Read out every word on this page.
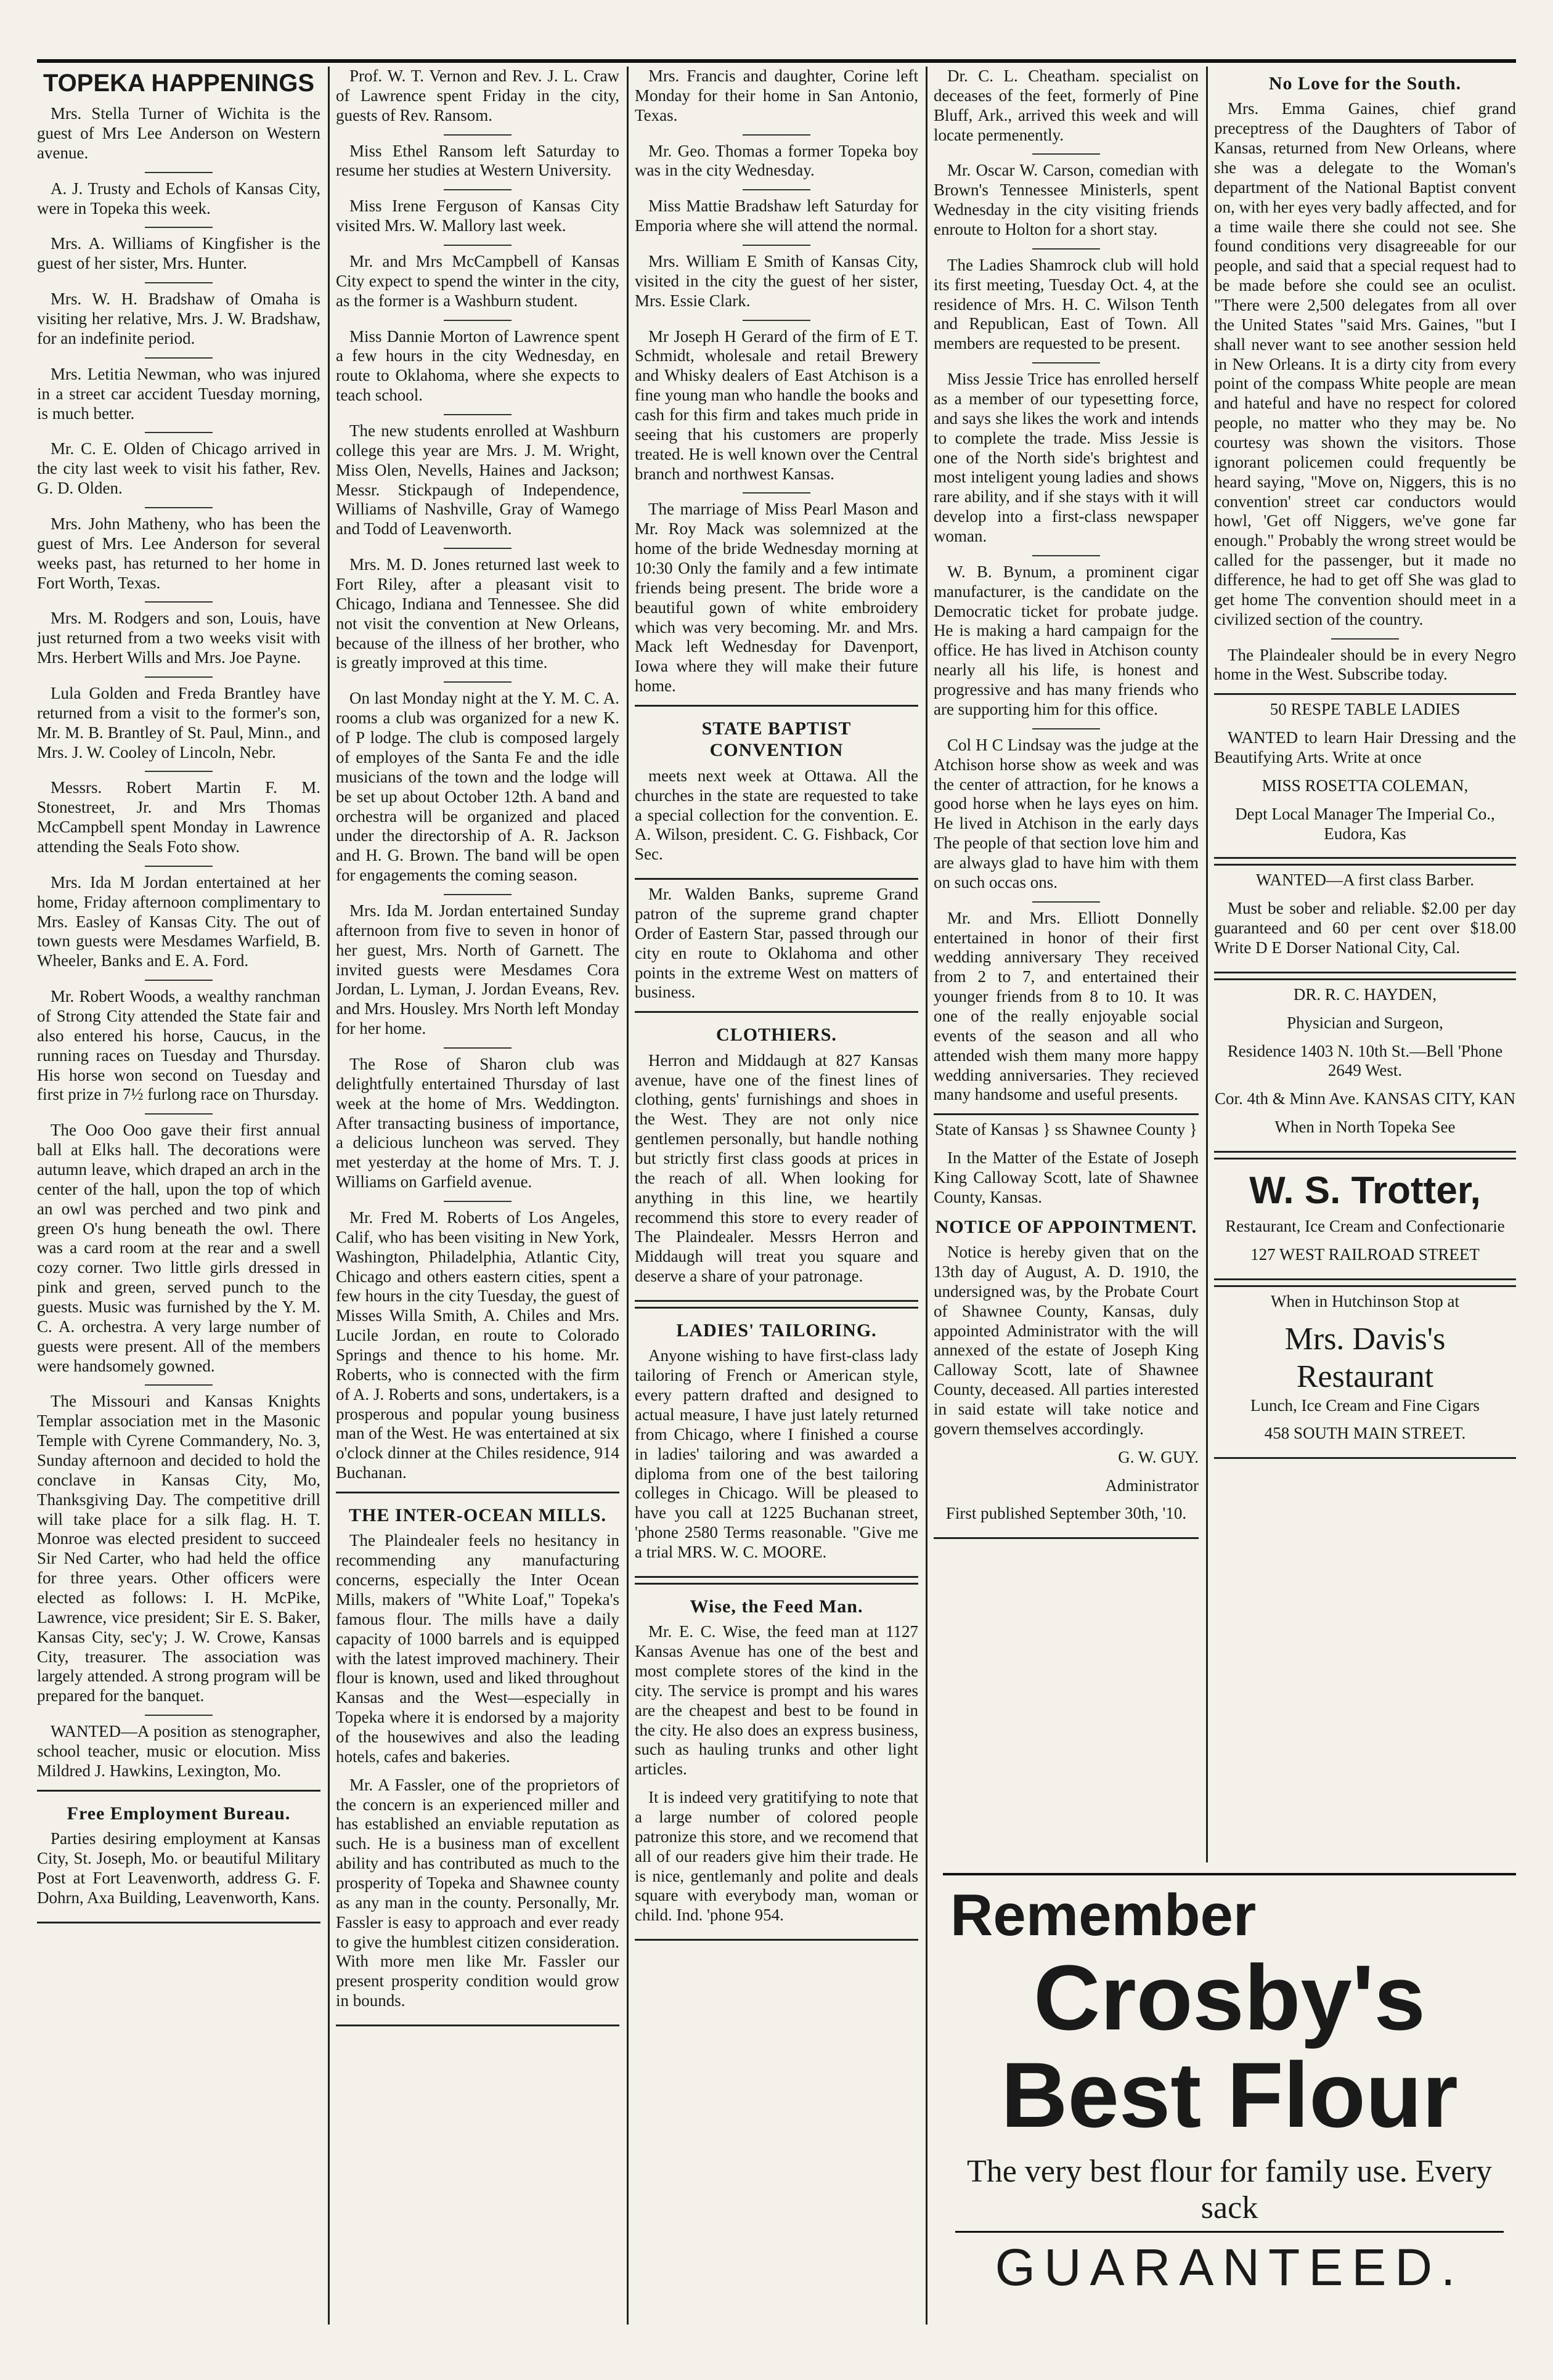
TOPEKA HAPPENINGS

Mrs. Stella Turner of Wichita is the guest of Mrs Lee Anderson on Western avenue.

A. J. Trusty and Echols of Kansas City, were in Topeka this week.

Mrs. A. Williams of Kingfisher is the guest of her sister, Mrs. Hunter.

Mrs. W. H. Bradshaw of Omaha is visiting her relative, Mrs. J. W. Bradshaw, for an indefinite period.

Mrs. Letitia Newman, who was injured in a street car accident Tuesday morning, is much better.

Mr. C. E. Olden of Chicago arrived in the city last week to visit his father, Rev. G. D. Olden.

Mrs. John Matheny, who has been the guest of Mrs. Lee Anderson for several weeks past, has returned to her home in Fort Worth, Texas.

Mrs. M. Rodgers and son, Louis, have just returned from a two weeks visit with Mrs. Herbert Wills and Mrs. Joe Payne.

Lula Golden and Freda Brantley have returned from a visit to the former's son, Mr. M. B. Brantley of St. Paul, Minn., and Mrs. J. W. Cooley of Lincoln, Nebr.

Messrs. Robert Martin F. M. Stonestreet, Jr. and Mrs Thomas McCampbell spent Monday in Lawrence attending the Seals Foto show.

Mrs. Ida M Jordan entertained at her home, Friday afternoon complimentary to Mrs. Easley of Kansas City. The out of town guests were Mesdames Warfield, B. Wheeler, Banks and E. A. Ford.

Mr. Robert Woods, a wealthy ranchman of Strong City attended the State fair and also entered his horse, Caucus, in the running races on Tuesday and Thursday. His horse won second on Tuesday and first prize in 7½ furlong race on Thursday.

The Ooo Ooo gave their first annual ball at Elks hall. The decorations were autumn leave, which draped an arch in the center of the hall, upon the top of which an owl was perched and two pink and green O's hung beneath the owl. There was a card room at the rear and a swell cozy corner. Two little girls dressed in pink and green, served punch to the guests. Music was furnished by the Y. M. C. A. orchestra. A very large number of guests were present. All of the members were handsomely gowned.

The Missouri and Kansas Knights Templar association met in the Masonic Temple with Cyrene Commandery, No. 3, Sunday afternoon and decided to hold the conclave in Kansas City, Mo, Thanksgiving Day. The competitive drill will take place for a silk flag. H. T. Monroe was elected president to succeed Sir Ned Carter, who had held the office for three years. Other officers were elected as follows: I. H. McPike, Lawrence, vice president; Sir E. S. Baker, Kansas City, sec'y; J. W. Crowe, Kansas City, treasurer. The association was largely attended. A strong program will be prepared for the banquet.

WANTED—A position as stenographer, school teacher, music or elocution. Miss Mildred J. Hawkins, Lexington, Mo.

Free Employment Bureau.

Parties desiring employment at Kansas City, St. Joseph, Mo. or beautiful Military Post at Fort Leavenworth, address G. F. Dohrn, Axa Building, Leavenworth, Kans.

Prof. W. T. Vernon and Rev. J. L. Craw of Lawrence spent Friday in the city, guests of Rev. Ransom.

Miss Ethel Ransom left Saturday to resume her studies at Western University.

Miss Irene Ferguson of Kansas City visited Mrs. W. Mallory last week.

Mr. and Mrs McCampbell of Kansas City expect to spend the winter in the city, as the former is a Washburn student.

Miss Dannie Morton of Lawrence spent a few hours in the city Wednesday, en route to Oklahoma, where she expects to teach school.

The new students enrolled at Washburn college this year are Mrs. J. M. Wright, Miss Olen, Nevells, Haines and Jackson; Messr. Stickpaugh of Independence, Williams of Nashville, Gray of Wamego and Todd of Leavenworth.

Mrs. M. D. Jones returned last week to Fort Riley, after a pleasant visit to Chicago, Indiana and Tennessee. She did not visit the convention at New Orleans, because of the illness of her brother, who is greatly improved at this time.

On last Monday night at the Y. M. C. A. rooms a club was organized for a new K. of P lodge. The club is composed largely of employes of the Santa Fe and the idle musicians of the town and the lodge will be set up about October 12th. A band and orchestra will be organized and placed under the directorship of A. R. Jackson and H. G. Brown. The band will be open for engagements the coming season.

Mrs. Ida M. Jordan entertained Sunday afternoon from five to seven in honor of her guest, Mrs. North of Garnett. The invited guests were Mesdames Cora Jordan, L. Lyman, J. Jordan Eveans, Rev. and Mrs. Housley. Mrs North left Monday for her home.

The Rose of Sharon club was delightfully entertained Thursday of last week at the home of Mrs. Weddington. After transacting business of importance, a delicious luncheon was served. They met yesterday at the home of Mrs. T. J. Williams on Garfield avenue.

Mr. Fred M. Roberts of Los Angeles, Calif, who has been visiting in New York, Washington, Philadelphia, Atlantic City, Chicago and others eastern cities, spent a few hours in the city Tuesday, the guest of Misses Willa Smith, A. Chiles and Mrs. Lucile Jordan, en route to Colorado Springs and thence to his home. Mr. Roberts, who is connected with the firm of A. J. Roberts and sons, undertakers, is a prosperous and popular young business man of the West. He was entertained at six o'clock dinner at the Chiles residence, 914 Buchanan.

THE INTER-OCEAN MILLS.

The Plaindealer feels no hesitancy in recommending any manufacturing concerns, especially the Inter Ocean Mills, makers of "White Loaf," Topeka's famous flour. The mills have a daily capacity of 1000 barrels and is equipped with the latest improved machinery. Their flour is known, used and liked throughout Kansas and the West—especially in Topeka where it is endorsed by a majority of the housewives and also the leading hotels, cafes and bakeries.

Mr. A Fassler, one of the proprietors of the concern is an experienced miller and has established an enviable reputation as such. He is a business man of excellent ability and has contributed as much to the prosperity of Topeka and Shawnee county as any man in the county. Personally, Mr. Fassler is easy to approach and ever ready to give the humblest citizen consideration. With more men like Mr. Fassler our present prosperity condition would grow in bounds.

Mrs. Francis and daughter, Corine left Monday for their home in San Antonio, Texas.

Mr. Geo. Thomas a former Topeka boy was in the city Wednesday.

Miss Mattie Bradshaw left Saturday for Emporia where she will attend the normal.

Mrs. William E Smith of Kansas City, visited in the city the guest of her sister, Mrs. Essie Clark.

Mr Joseph H Gerard of the firm of E T. Schmidt, wholesale and retail Brewery and Whisky dealers of East Atchison is a fine young man who handle the books and cash for this firm and takes much pride in seeing that his customers are properly treated. He is well known over the Central branch and northwest Kansas.

The marriage of Miss Pearl Mason and Mr. Roy Mack was solemnized at the home of the bride Wednesday morning at 10:30 Only the family and a few intimate friends being present. The bride wore a beautiful gown of white embroidery which was very becoming. Mr. and Mrs. Mack left Wednesday for Davenport, Iowa where they will make their future home.

STATE BAPTIST CONVENTION

meets next week at Ottawa. All the churches in the state are requested to take a special collection for the convention. E. A. Wilson, president. C. G. Fishback, Cor Sec.

Mr. Walden Banks, supreme Grand patron of the supreme grand chapter Order of Eastern Star, passed through our city en route to Oklahoma and other points in the extreme West on matters of business.

CLOTHIERS.

Herron and Middaugh at 827 Kansas avenue, have one of the finest lines of clothing, gents' furnishings and shoes in the West. They are not only nice gentlemen personally, but handle nothing but strictly first class goods at prices in the reach of all. When looking for anything in this line, we heartily recommend this store to every reader of The Plaindealer. Messrs Herron and Middaugh will treat you square and deserve a share of your patronage.

LADIES' TAILORING.

Anyone wishing to have first-class lady tailoring of French or American style, every pattern drafted and designed to actual measure, I have just lately returned from Chicago, where I finished a course in ladies' tailoring and was awarded a diploma from one of the best tailoring colleges in Chicago. Will be pleased to have you call at 1225 Buchanan street, 'phone 2580 Terms reasonable. "Give me a trial MRS. W. C. MOORE.

Wise, the Feed Man.

Mr. E. C. Wise, the feed man at 1127 Kansas Avenue has one of the best and most complete stores of the kind in the city. The service is prompt and his wares are the cheapest and best to be found in the city. He also does an express business, such as hauling trunks and other light articles.

It is indeed very gratitifying to note that a large number of colored people patronize this store, and we recomend that all of our readers give him their trade. He is nice, gentlemanly and polite and deals square with everybody man, woman or child. Ind. 'phone 954.

Dr. C. L. Cheatham. specialist on deceases of the feet, formerly of Pine Bluff, Ark., arrived this week and will locate permenently.

Mr. Oscar W. Carson, comedian with Brown's Tennessee Ministerls, spent Wednesday in the city visiting friends enroute to Holton for a short stay.

The Ladies Shamrock club will hold its first meeting, Tuesday Oct. 4, at the residence of Mrs. H. C. Wilson Tenth and Republican, East of Town. All members are requested to be present.

Miss Jessie Trice has enrolled herself as a member of our typesetting force, and says she likes the work and intends to complete the trade. Miss Jessie is one of the North side's brightest and most inteligent young ladies and shows rare ability, and if she stays with it will develop into a first-class newspaper woman.

W. B. Bynum, a prominent cigar manufacturer, is the candidate on the Democratic ticket for probate judge. He is making a hard campaign for the office. He has lived in Atchison county nearly all his life, is honest and progressive and has many friends who are supporting him for this office.

Col H C Lindsay was the judge at the Atchison horse show as week and was the center of attraction, for he knows a good horse when he lays eyes on him. He lived in Atchison in the early days The people of that section love him and are always glad to have him with them on such occas ons.

Mr. and Mrs. Elliott Donnelly entertained in honor of their first wedding anniversary They received from 2 to 7, and entertained their younger friends from 8 to 10. It was one of the really enjoyable social events of the season and all who attended wish them many more happy wedding anniversaries. They recieved many handsome and useful presents.

State of Kansas } ss Shawnee County }

In the Matter of the Estate of Joseph King Calloway Scott, late of Shawnee County, Kansas.

NOTICE OF APPOINTMENT.

Notice is hereby given that on the 13th day of August, A. D. 1910, the undersigned was, by the Probate Court of Shawnee County, Kansas, duly appointed Administrator with the will annexed of the estate of Joseph King Calloway Scott, late of Shawnee County, deceased. All parties interested in said estate will take notice and govern themselves accordingly.

G. W. GUY.

Administrator

First published September 30th, '10.

No Love for the South.

Mrs. Emma Gaines, chief grand preceptress of the Daughters of Tabor of Kansas, returned from New Orleans, where she was a delegate to the Woman's department of the National Baptist convent on, with her eyes very badly affected, and for a time waile there she could not see. She found conditions very disagreeable for our people, and said that a special request had to be made before she could see an oculist. "There were 2,500 delegates from all over the United States "said Mrs. Gaines, "but I shall never want to see another session held in New Orleans. It is a dirty city from every point of the compass White people are mean and hateful and have no respect for colored people, no matter who they may be. No courtesy was shown the visitors. Those ignorant policemen could frequently be heard saying, "Move on, Niggers, this is no convention' street car conductors would howl, 'Get off Niggers, we've gone far enough." Probably the wrong street would be called for the passenger, but it made no difference, he had to get off She was glad to get home The convention should meet in a civilized section of the country.

The Plaindealer should be in every Negro home in the West. Subscribe today.

50 RESPE TABLE LADIES

WANTED to learn Hair Dressing and the Beautifying Arts. Write at once

MISS ROSETTA COLEMAN,

Dept Local Manager The Imperial Co., Eudora, Kas

WANTED—A first class Barber.

Must be sober and reliable. $2.00 per day guaranteed and 60 per cent over $18.00 Write D E Dorser National City, Cal.

DR. R. C. HAYDEN,

Physician and Surgeon,

Residence 1403 N. 10th St.—Bell 'Phone 2649 West.

Cor. 4th & Minn Ave. KANSAS CITY, KAN

When in North Topeka See

W. S. Trotter,

Restaurant, Ice Cream and Confectionarie

127 WEST RAILROAD STREET

When in Hutchinson Stop at

Mrs. Davis's Restaurant

Lunch, Ice Cream and Fine Cigars

458 SOUTH MAIN STREET.

Remember
Crosby's Best Flour
The very best flour for family use. Every sack
GUARANTEED.
